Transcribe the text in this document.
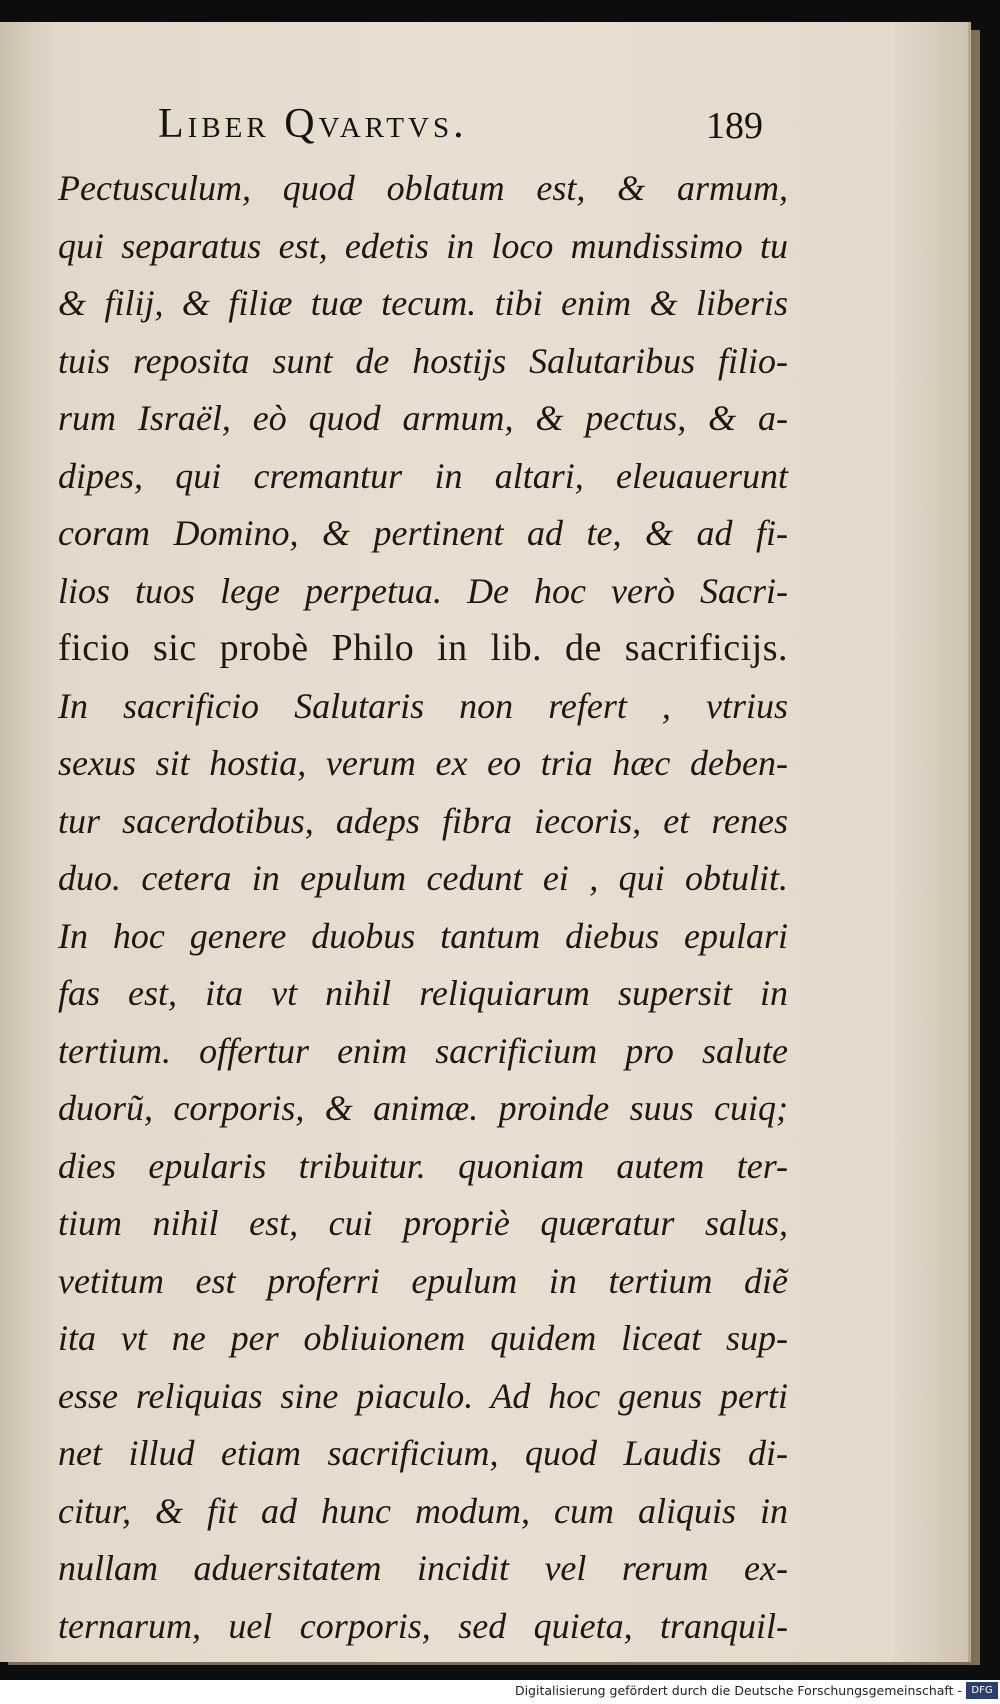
Liber Qvartvs.	189
Pectusculum, quod oblatum est, & armum,
qui separatus est, edetis in loco mundissimo tu
& filij, & filiæ tuæ tecum. tibi enim & liberis
tuis reposita sunt de hostijs Salutaribus filio-
rum Israël, eò quod armum, & pectus, & a-
dipes, qui cremantur in altari, eleuauerunt
coram Domino, & pertinent ad te, & ad fi-
lios tuos lege perpetua. De hoc verò Sacri-
ficio sic probè Philo in lib. de sacrificijs.
In sacrificio Salutaris non refert , vtrius
sexus sit hostia, verum ex eo tria hæc deben-
tur sacerdotibus, adeps fibra iecoris, et renes
duo. cetera in epulum cedunt ei , qui obtulit.
In hoc genere duobus tantum diebus epulari
fas est, ita vt nihil reliquiarum supersit in
tertium. offertur enim sacrificium pro salute
duorũ, corporis, & animæ. proinde suus cuiq;
dies epularis tribuitur. quoniam autem ter-
tium nihil est, cui propriè quæratur salus,
vetitum est proferri epulum in tertium diẽ
ita vt ne per obliuionem quidem liceat sup-
esse reliquias sine piaculo. Ad hoc genus perti
net illud etiam sacrificium, quod Laudis di-
citur, & fit ad hunc modum, cum aliquis in
nullam aduersitatem incidit vel rerum ex-
ternarum, uel corporis, sed quieta, tranquil-
Digitalisierung gefördert durch die Deutsche Forschungsgemeinschaft - DFG
